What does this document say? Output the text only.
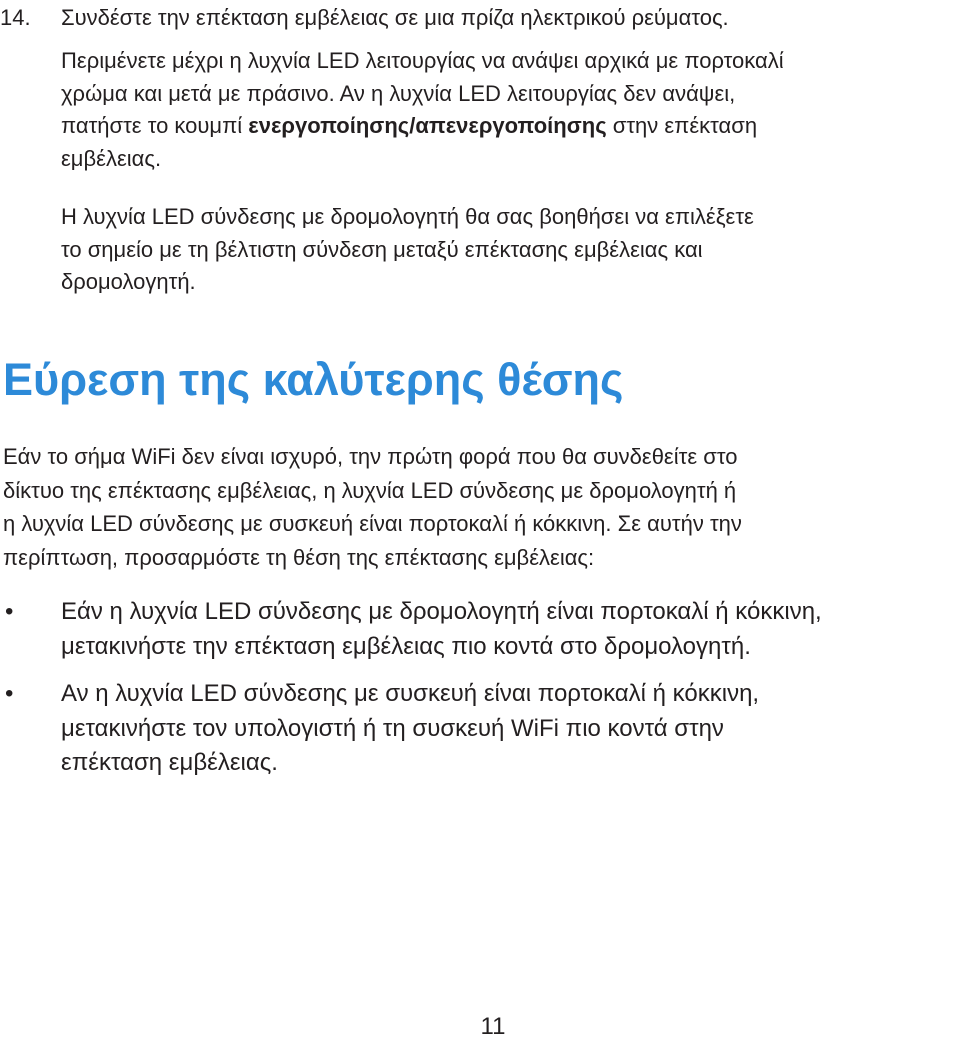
14. Συνδέστε την επέκταση εμβέλειας σε μια πρίζα ηλεκτρικού ρεύματος.

Περιμένετε μέχρι η λυχνία LED λειτουργίας να ανάψει αρχικά με πορτοκαλί
χρώμα και μετά με πράσινο. Αν η λυχνία LED λειτουργίας δεν ανάψει,
πατήστε το κουμπί ενεργοποίησης/απενεργοποίησης στην επέκταση
εμβέλειας.

Η λυχνία LED σύνδεσης με δρομολογητή θα σας βοηθήσει να επιλέξετε
το σημείο με τη βέλτιστη σύνδεση μεταξύ επέκτασης εμβέλειας και
δρομολογητή.

Εύρεση της καλύτερης θέσης

Εάν το σήμα WiFi δεν είναι ισχυρό, την πρώτη φορά που θα συνδεθείτε στο
δίκτυο της επέκτασης εμβέλειας, η λυχνία LED σύνδεσης με δρομολογητή ή
η λυχνία LED σύνδεσης με συσκευή είναι πορτοκαλί ή κόκκινη. Σε αυτήν την
περίπτωση, προσαρμόστε τη θέση της επέκτασης εμβέλειας:

• Εάν η λυχνία LED σύνδεσης με δρομολογητή είναι πορτοκαλί ή κόκκινη,
μετακινήστε την επέκταση εμβέλειας πιο κοντά στο δρομολογητή.
• Αν η λυχνία LED σύνδεσης με συσκευή είναι πορτοκαλί ή κόκκινη,
μετακινήστε τον υπολογιστή ή τη συσκευή WiFi πιο κοντά στην
επέκταση εμβέλειας.
11
